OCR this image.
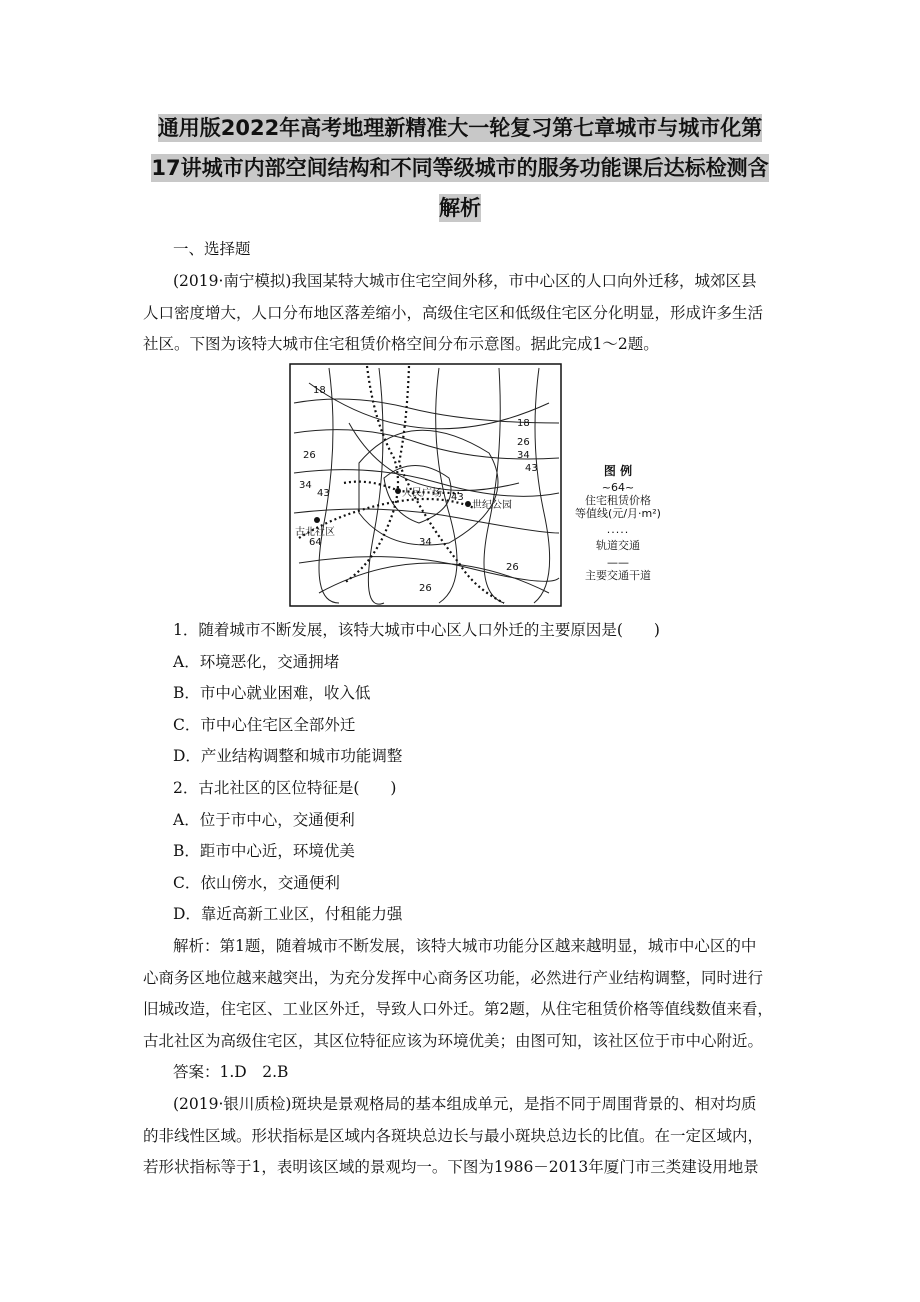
通用版2022年高考地理新精准大一轮复习第七章城市与城市化第
17讲城市内部空间结构和不同等级城市的服务功能课后达标检测含
解析
一、选择题
(2019·南宁模拟)我国某特大城市住宅空间外移，市中心区的人口向外迁移，城郊区县
人口密度增大，人口分布地区落差缩小，高级住宅区和低级住宅区分化明显，形成许多生活
社区。下图为该特大城市住宅租赁价格空间分布示意图。据此完成1～2题。
人民广场
世纪公园
古北社区
18
18
26
26
34
34
43
43
43
34
26
26
64
图 例
~64~
住宅租赁价格
等值线(元/月·m²)
·····
轨道交通
——
主要交通干道
1．随着城市不断发展，该特大城市中心区人口外迁的主要原因是(　　)
A．环境恶化，交通拥堵
B．市中心就业困难，收入低
C．市中心住宅区全部外迁
D．产业结构调整和城市功能调整
2．古北社区的区位特征是(　　)
A．位于市中心，交通便利
B．距市中心近，环境优美
C．依山傍水，交通便利
D．靠近高新工业区，付租能力强
解析：第1题，随着城市不断发展，该特大城市功能分区越来越明显，城市中心区的中
心商务区地位越来越突出，为充分发挥中心商务区功能，必然进行产业结构调整，同时进行
旧城改造，住宅区、工业区外迁，导致人口外迁。第2题，从住宅租赁价格等值线数值来看，
古北社区为高级住宅区，其区位特征应该为环境优美；由图可知，该社区位于市中心附近。
答案：1.D　2.B
(2019·银川质检)斑块是景观格局的基本组成单元，是指不同于周围背景的、相对均质
的非线性区域。形状指标是区域内各斑块总边长与最小斑块总边长的比值。在一定区域内，
若形状指标等于1，表明该区域的景观均一。下图为1986－2013年厦门市三类建设用地景
